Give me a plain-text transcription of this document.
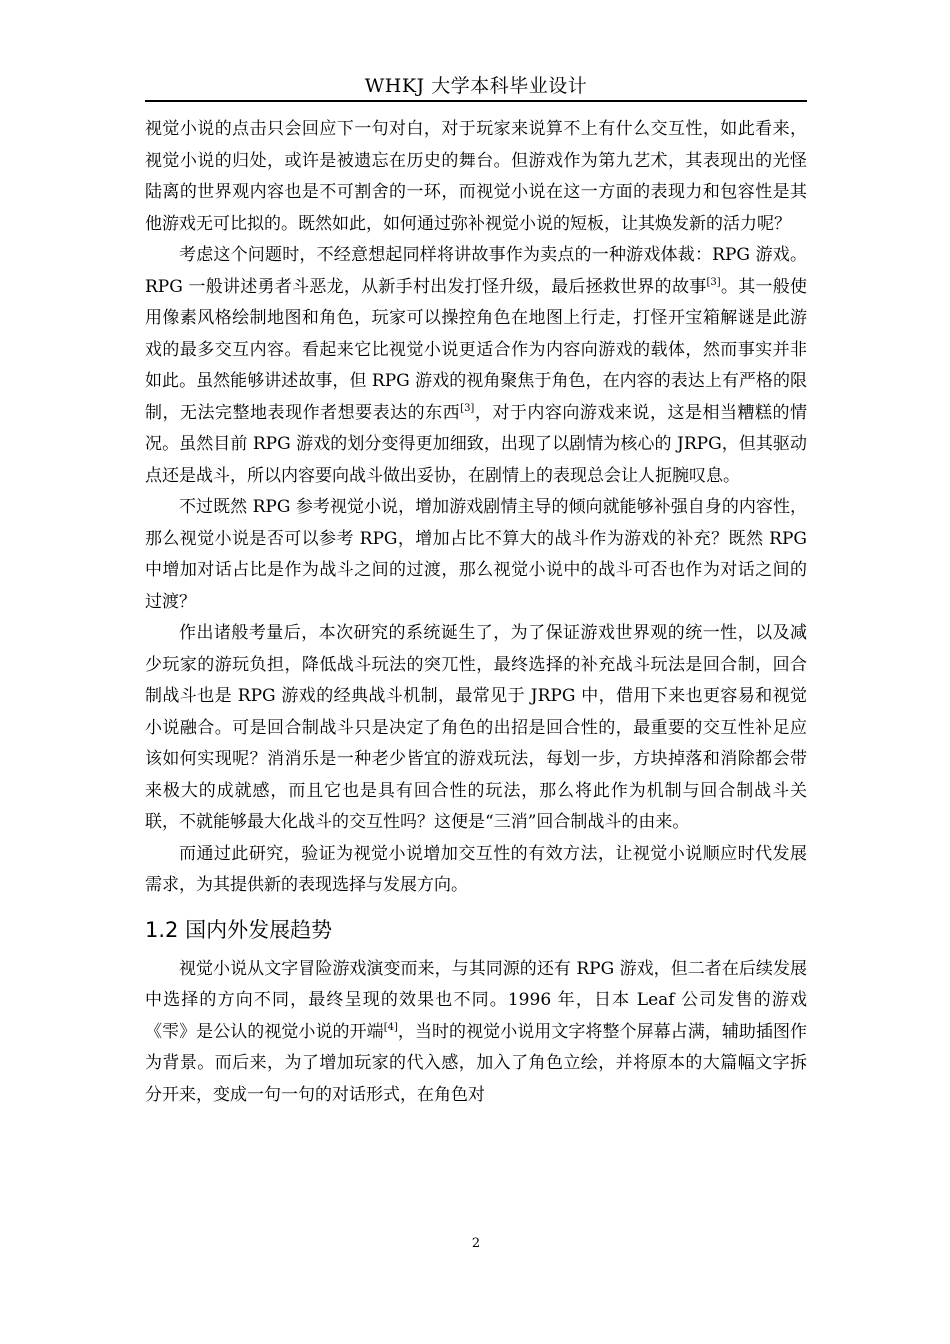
WHKJ 大学本科毕业设计

视觉小说的点击只会回应下一句对白，对于玩家来说算不上有什么交互性，如此看来，视觉小说的归处，或许是被遗忘在历史的舞台。但游戏作为第九艺术，其表现出的光怪陆离的世界观内容也是不可割舍的一环，而视觉小说在这一方面的表现力和包容性是其他游戏无可比拟的。既然如此，如何通过弥补视觉小说的短板，让其焕发新的活力呢？

考虑这个问题时，不经意想起同样将讲故事作为卖点的一种游戏体裁：RPG 游戏。RPG 一般讲述勇者斗恶龙，从新手村出发打怪升级，最后拯救世界的故事[3]。其一般使用像素风格绘制地图和角色，玩家可以操控角色在地图上行走，打怪开宝箱解谜是此游戏的最多交互内容。看起来它比视觉小说更适合作为内容向游戏的载体，然而事实并非如此。虽然能够讲述故事，但 RPG 游戏的视角聚焦于角色，在内容的表达上有严格的限制，无法完整地表现作者想要表达的东西[3]，对于内容向游戏来说，这是相当糟糕的情况。虽然目前 RPG 游戏的划分变得更加细致，出现了以剧情为核心的 JRPG，但其驱动点还是战斗，所以内容要向战斗做出妥协，在剧情上的表现总会让人扼腕叹息。

不过既然 RPG 参考视觉小说，增加游戏剧情主导的倾向就能够补强自身的内容性，那么视觉小说是否可以参考 RPG，增加占比不算大的战斗作为游戏的补充？既然 RPG 中增加对话占比是作为战斗之间的过渡，那么视觉小说中的战斗可否也作为对话之间的过渡？

作出诸般考量后，本次研究的系统诞生了，为了保证游戏世界观的统一性，以及减少玩家的游玩负担，降低战斗玩法的突兀性，最终选择的补充战斗玩法是回合制，回合制战斗也是 RPG 游戏的经典战斗机制，最常见于 JRPG 中，借用下来也更容易和视觉小说融合。可是回合制战斗只是决定了角色的出招是回合性的，最重要的交互性补足应该如何实现呢？消消乐是一种老少皆宜的游戏玩法，每划一步，方块掉落和消除都会带来极大的成就感，而且它也是具有回合性的玩法，那么将此作为机制与回合制战斗关联，不就能够最大化战斗的交互性吗？这便是“三消”回合制战斗的由来。

而通过此研究，验证为视觉小说增加交互性的有效方法，让视觉小说顺应时代发展需求，为其提供新的表现选择与发展方向。

1.2 国内外发展趋势

视觉小说从文字冒险游戏演变而来，与其同源的还有 RPG 游戏，但二者在后续发展中选择的方向不同，最终呈现的效果也不同。1996 年，日本 Leaf 公司发售的游戏《雫》是公认的视觉小说的开端[4]，当时的视觉小说用文字将整个屏幕占满，辅助插图作为背景。而后来，为了增加玩家的代入感，加入了角色立绘，并将原本的大篇幅文字拆分开来，变成一句一句的对话形式，在角色对

2
